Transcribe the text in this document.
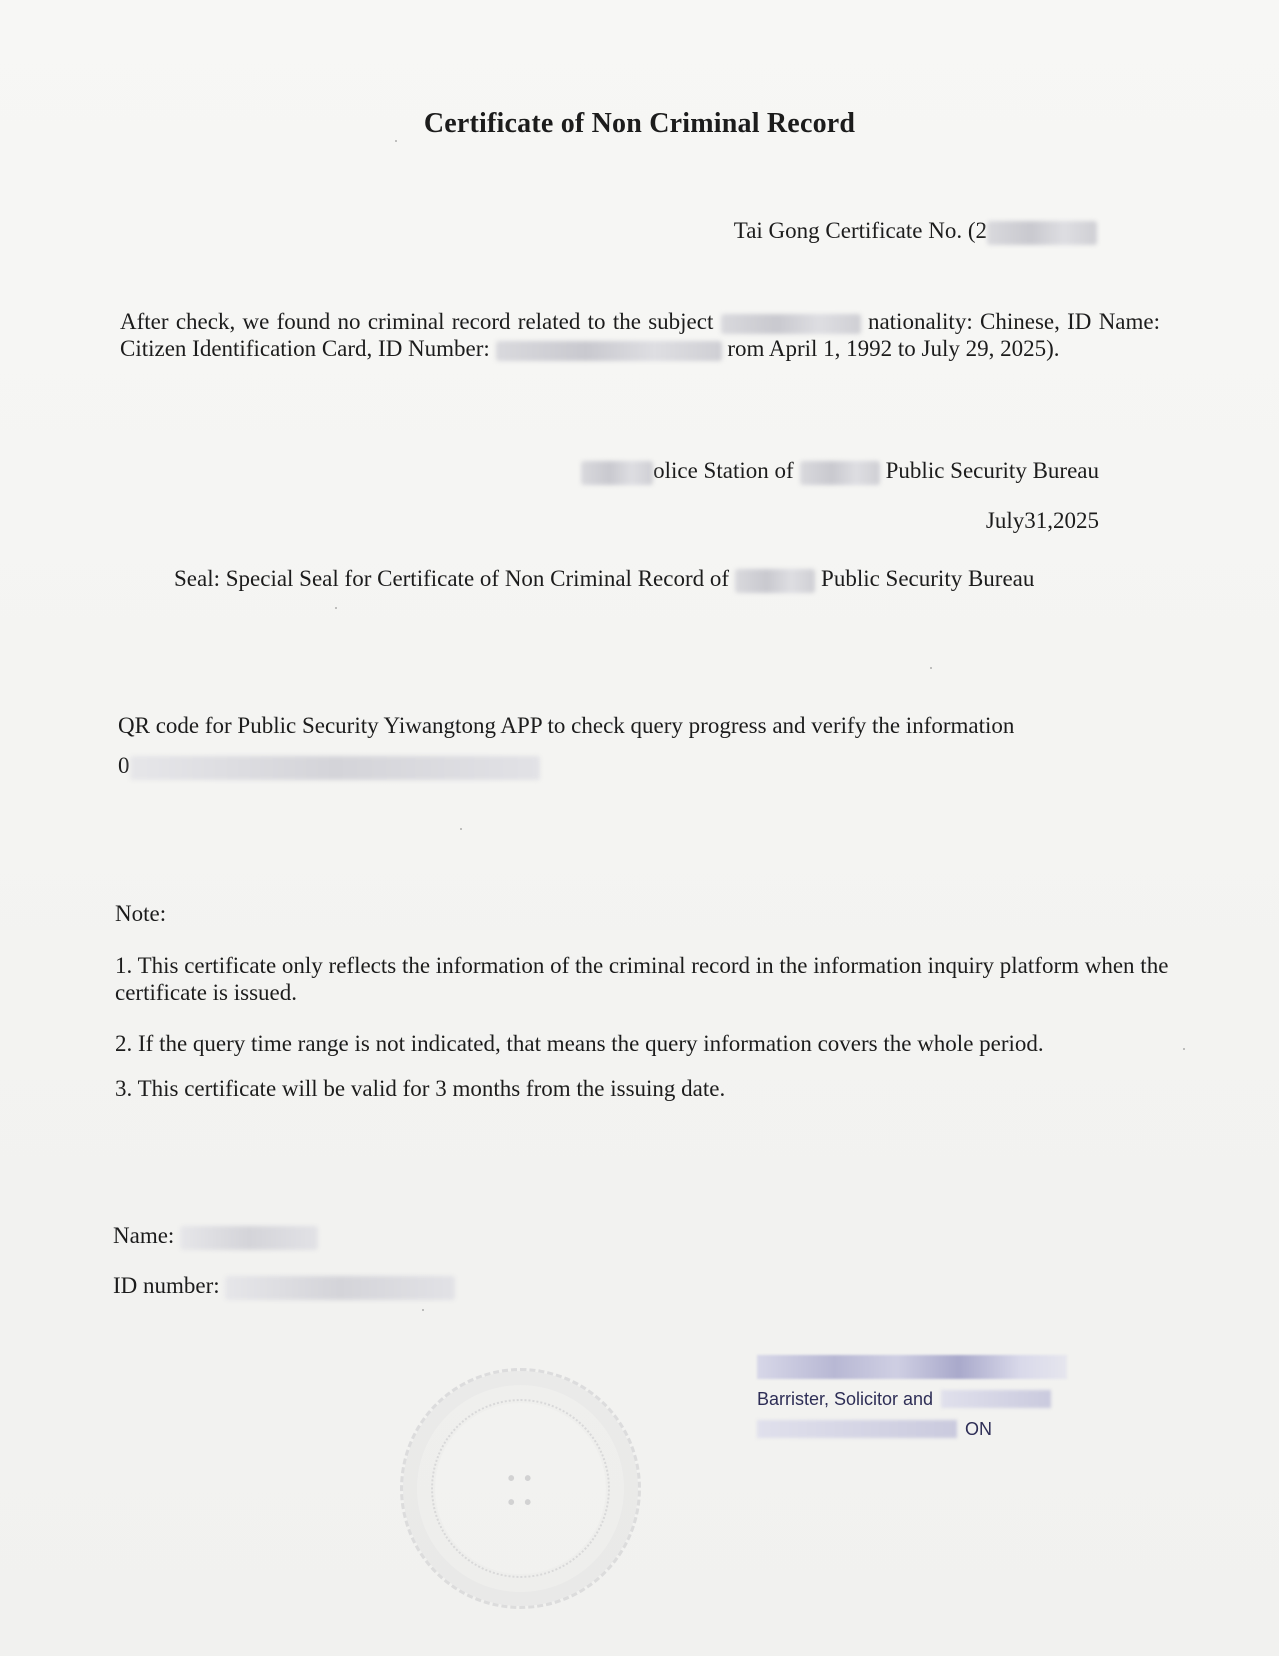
Certificate of Non Criminal Record
Tai Gong Certificate No. (2
After check, we found no criminal record related to the subject	nationality: Chinese, ID Name: Citizen Identification Card, ID Number:	rom April 1, 1992 to July 29, 2025).
olice Station of	Public Security Bureau
July31,2025
Seal: Special Seal for Certificate of Non Criminal Record of	Public Security Bureau
QR code for Public Security Yiwangtong APP to check query progress and verify the information
0
Note:
1. This certificate only reflects the information of the criminal record in the information inquiry platform when the certificate is issued.
2. If the query time range is not indicated, that means the query information covers the whole period.
3. This certificate will be valid for 3 months from the issuing date.
Name:
ID number:
• •
• •
Barrister, Solicitor and
ON
